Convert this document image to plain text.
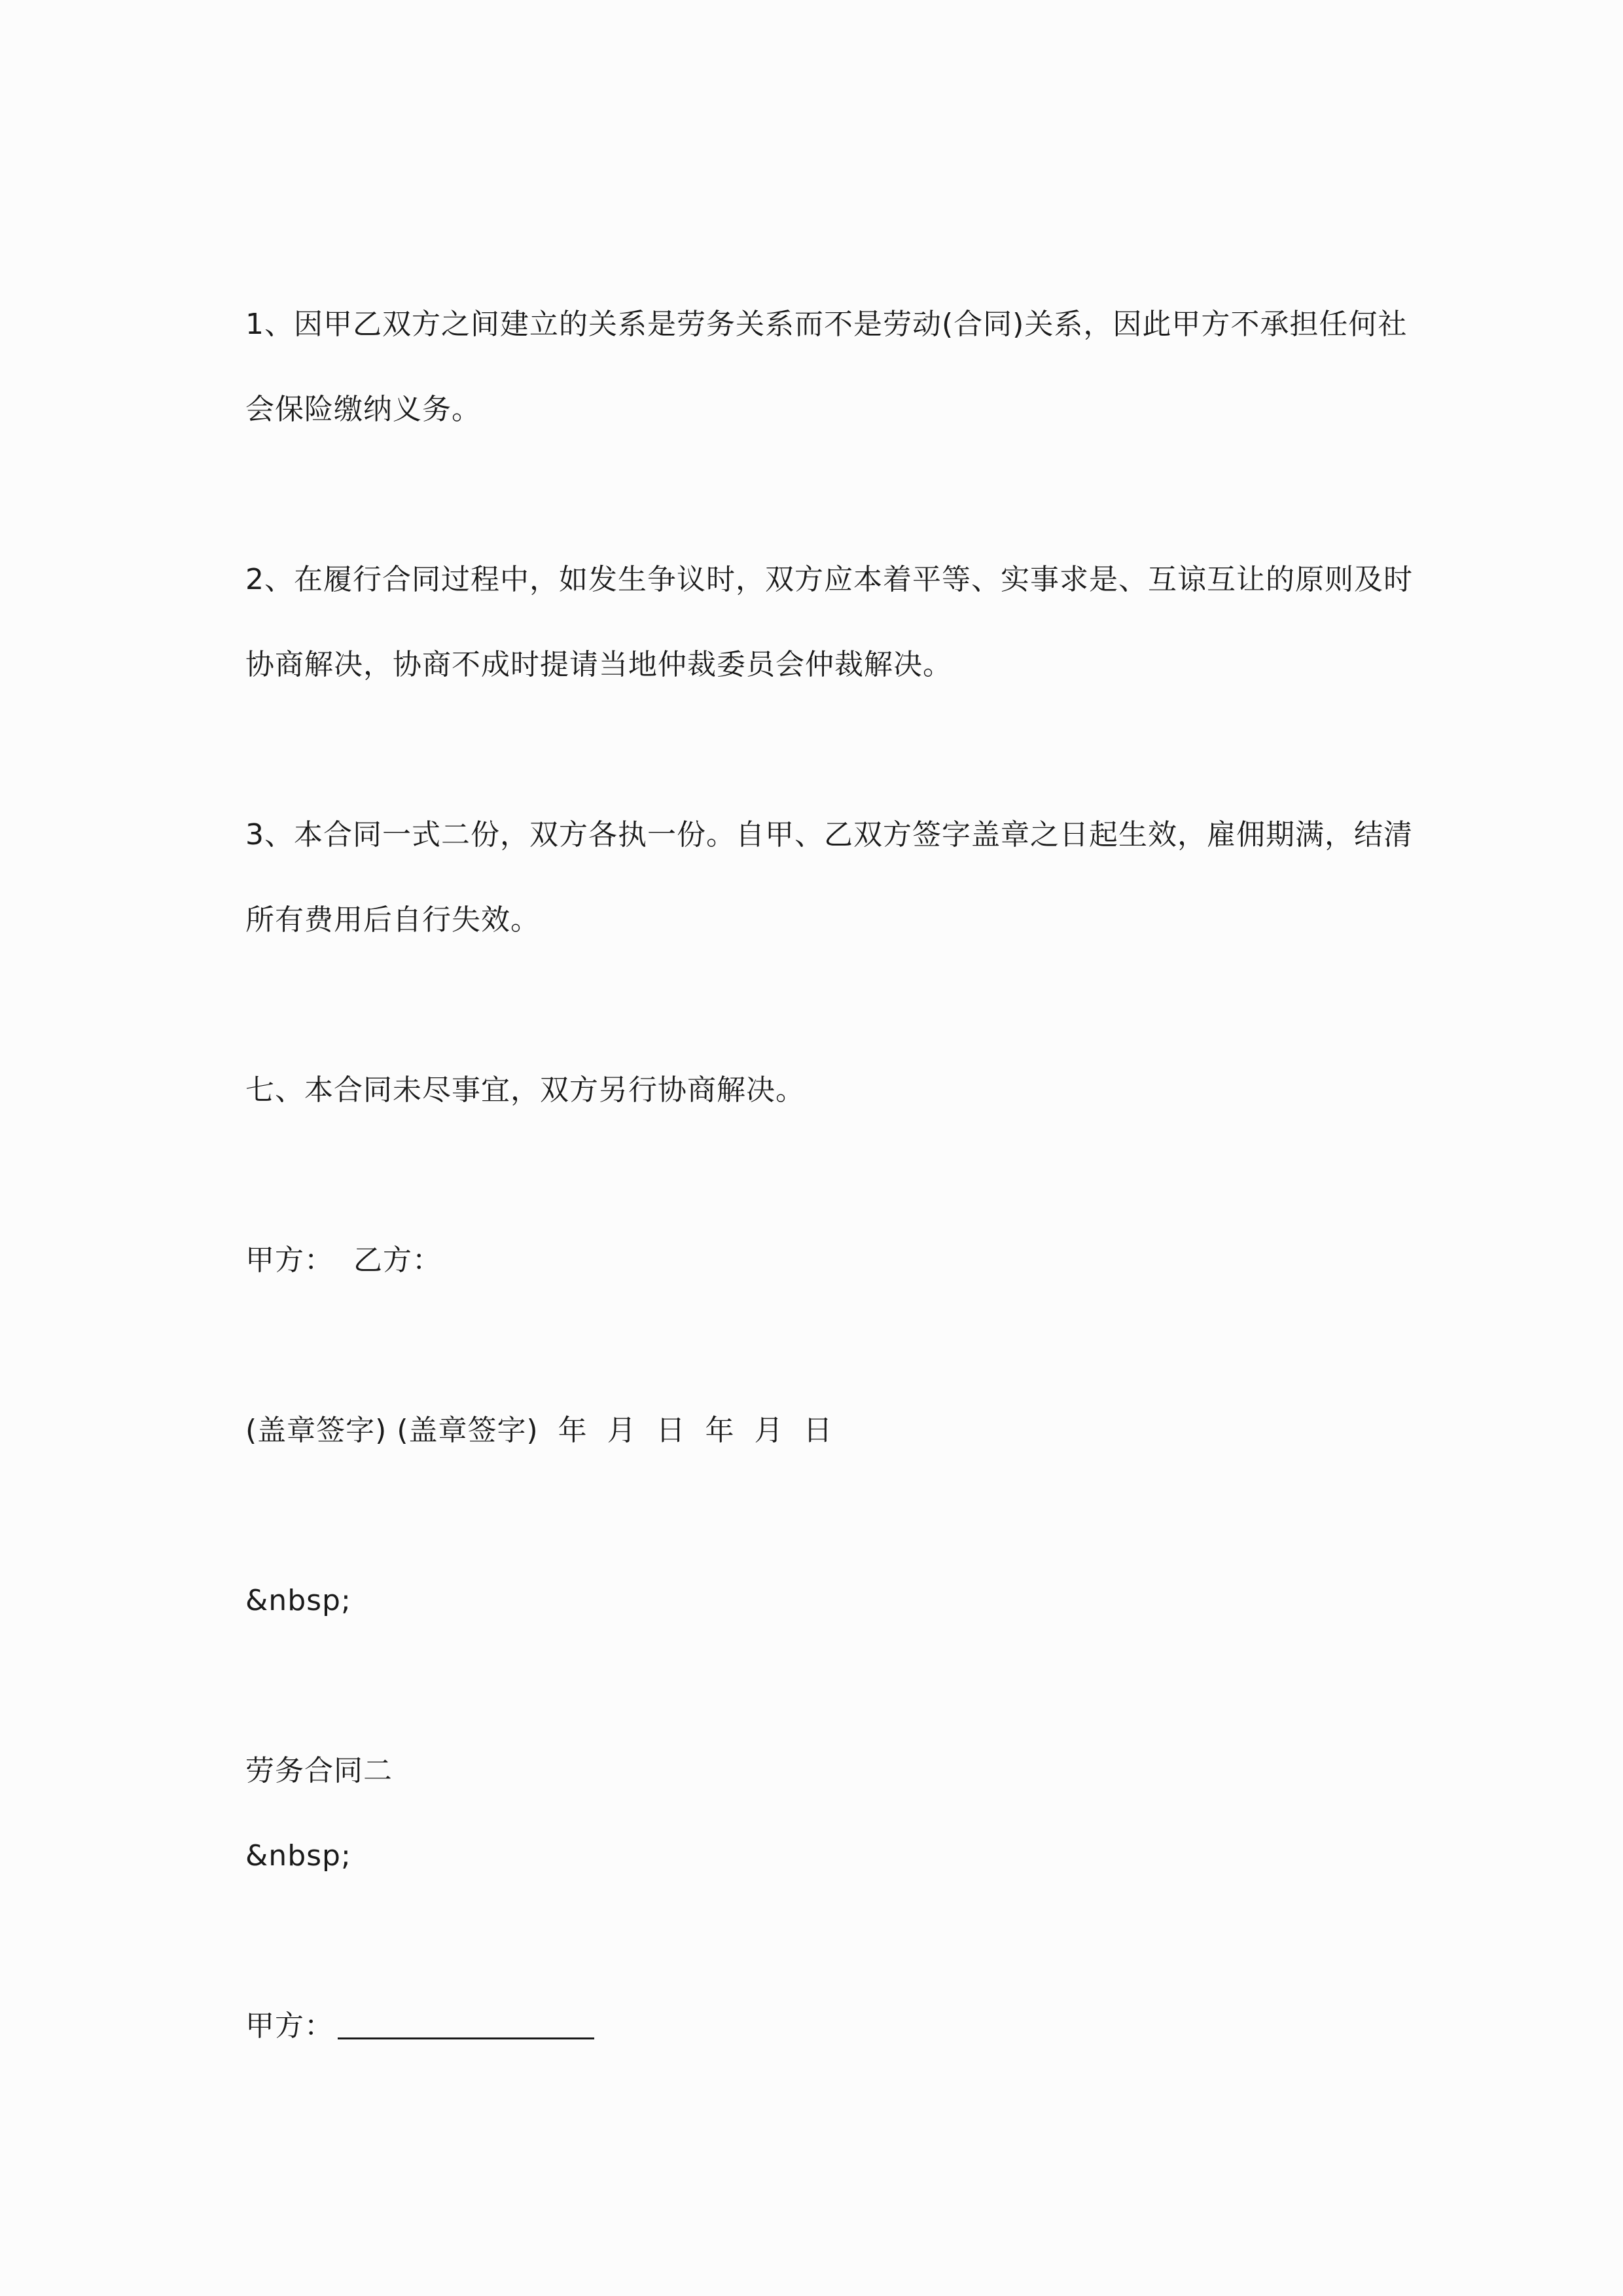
1、因甲乙双方之间建立的关系是劳务关系而不是劳动(合同)关系，因此甲方不承担任何社
会保险缴纳义务。
2、在履行合同过程中，如发生争议时，双方应本着平等、实事求是、互谅互让的原则及时
协商解决，协商不成时提请当地仲裁委员会仲裁解决。
3、本合同一式二份，双方各执一份。自甲、乙双方签字盖章之日起生效，雇佣期满，结清
所有费用后自行失效。
七、本合同未尽事宜，双方另行协商解决。
甲方：  乙方：
(盖章签字) (盖章签字)  年  月  日  年  月  日
&nbsp;
劳务合同二
&nbsp;
甲方：
